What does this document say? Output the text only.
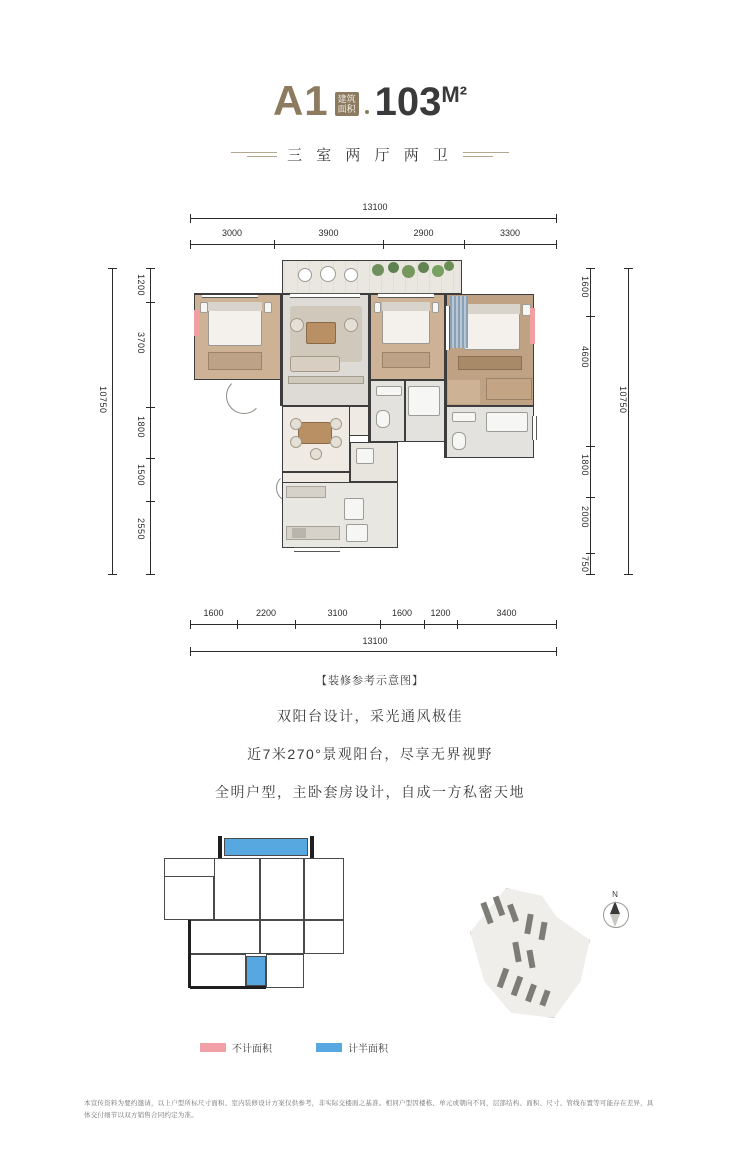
A1 建筑
面积 $103^{M^2}$
三 室 两 厅 两 卫
13100
3000	3900	2900	3300
10750
1200
3700
1800
1500
2550
1600
4600
1800
2000
750
10750
1600	2200	3100	1600	1200	3400
13100
【装修参考示意图】
双阳台设计，采光通风极佳
近7米270°景观阳台，尽享无界视野
全明户型，主卧套房设计，自成一方私密天地
N
不计面积	计半面积
本宣传资料为要约邀请，以上户型所标尺寸面积、室内装修设计方案仅供参考，非实际交楼面之基准。相同户型因楼栋、单元或朝向不同，层部结构、面积、尺寸、管线布置等可能存在差异，具体交付细节以双方销售合同约定为准。
